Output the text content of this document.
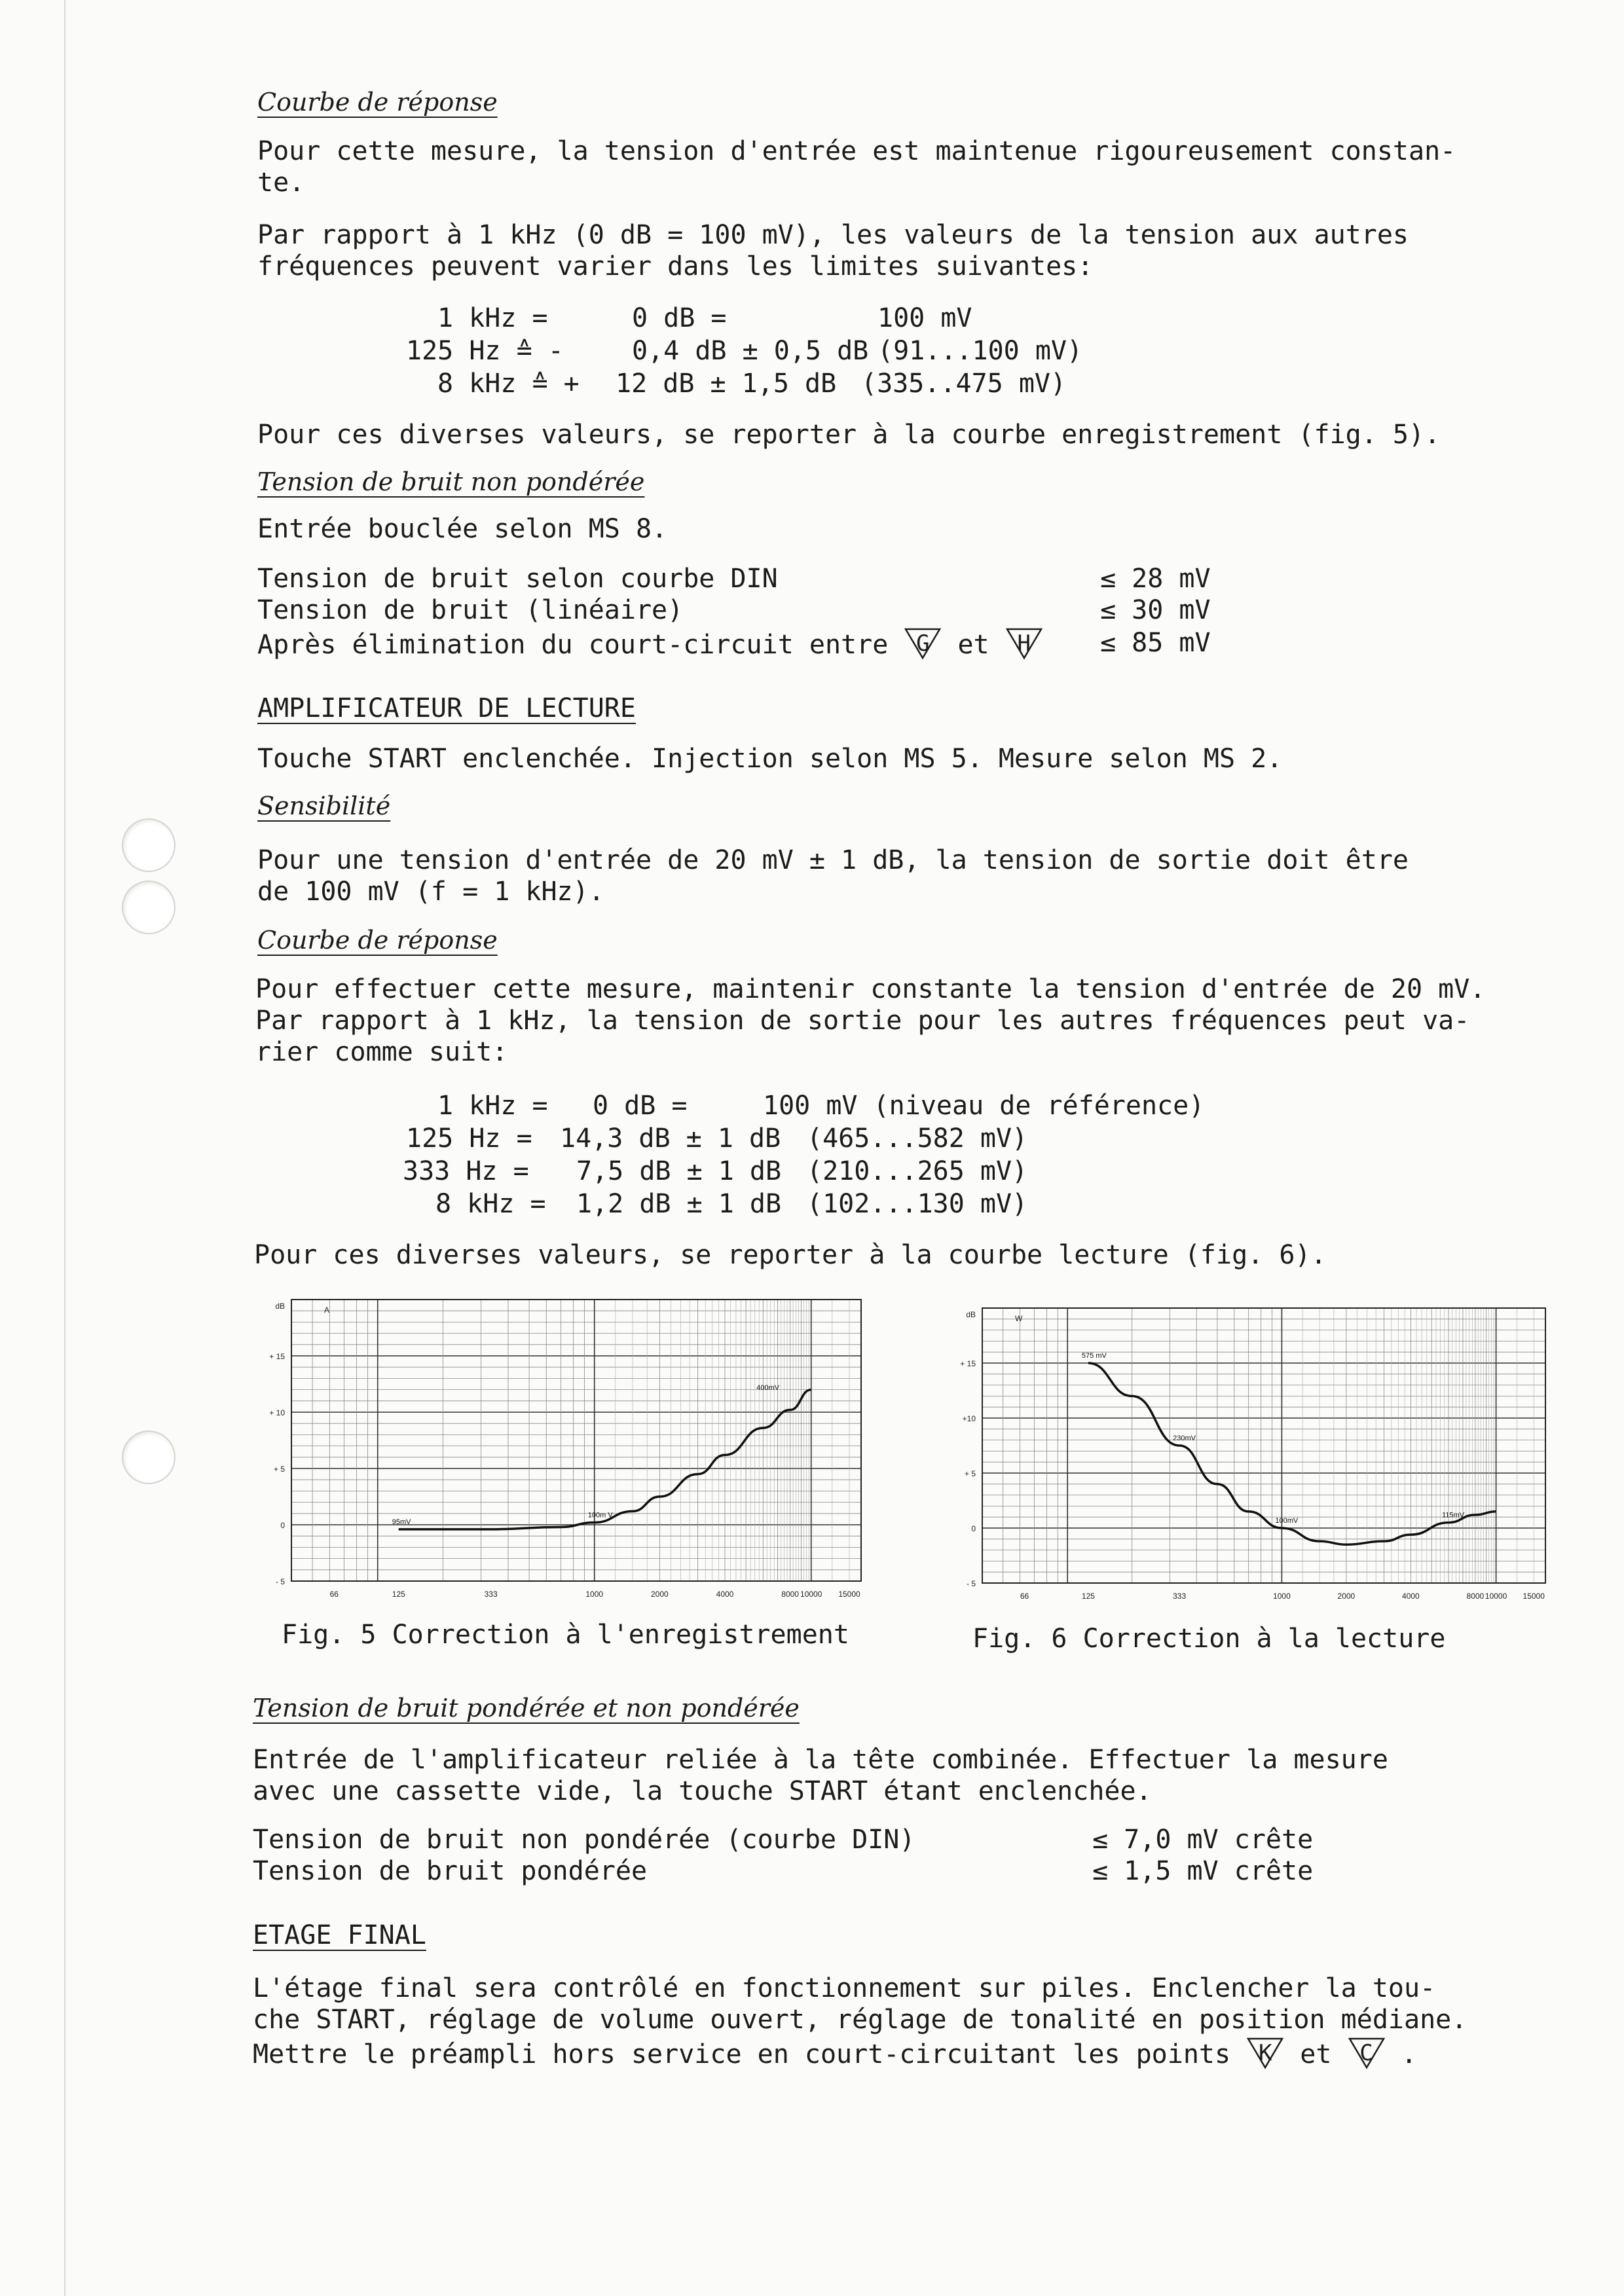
Courbe de réponse
Pour cette mesure, la tension d'entrée est maintenue rigoureusement constan-
te.
Par rapport à 1 kHz (0 dB = 100 mV), les valeurs de la tension aux autres
fréquences peuvent varier dans les limites suivantes:
1 kHz =	0 dB =	100 mV
125 Hz ≙ -	0,4 dB ± 0,5 dB (91...100 mV)
8 kHz ≙ + 12 dB ± 1,5 dB (335..475 mV)
Pour ces diverses valeurs, se reporter à la courbe enregistrement (fig. 5).
Tension de bruit non pondérée
Entrée bouclée selon MS 8.
Tension de bruit selon courbe DIN	≤ 28 mV
Tension de bruit (linéaire)	≤ 30 mV
Après élimination du court-circuit entre	G	et	H	≤ 85 mV
AMPLIFICATEUR DE LECTURE
Touche START enclenchée. Injection selon MS 5. Mesure selon MS 2.
Sensibilité
Pour une tension d'entrée de 20 mV ± 1 dB, la tension de sortie doit être
de 100 mV (f = 1 kHz).
Courbe de réponse
Pour effectuer cette mesure, maintenir constante la tension d'entrée de 20 mV.
Par rapport à 1 kHz, la tension de sortie pour les autres fréquences peut va-
rier comme suit:
1 kHz = 0 dB =	100 mV (niveau de référence)
125 Hz = 14,3 dB ± 1 dB (465...582 mV)
333 Hz = 7,5 dB ± 1 dB (210...265 mV)
8 kHz = 1,2 dB ± 1 dB (102...130 mV)
Pour ces diverses valeurs, se reporter à la courbe lecture (fig. 6).
- 5
0
+ 5
+ 10
+ 15
dB	A
66	125	333	1000	2000	4000	8000 10000 15000
95mV
100m V
400mV
- 5
0
+ 5
+10
+ 15
dB	W
66	125	333	1000	2000	4000	8000 10000 15000
575 mV
230mV
100mV
115mV
Fig. 5 Correction à l'enregistrement	Fig. 6 Correction à la lecture
Tension de bruit pondérée et non pondérée
Entrée de l'amplificateur reliée à la tête combinée. Effectuer la mesure
avec une cassette vide, la touche START étant enclenchée.
Tension de bruit non pondérée (courbe DIN)	≤ 7,0 mV crête
Tension de bruit pondérée	≤ 1,5 mV crête
ETAGE FINAL
L'étage final sera contrôlé en fonctionnement sur piles. Enclencher la tou-
che START, réglage de volume ouvert, réglage de tonalité en position médiane.
Mettre le préampli hors service en court-circuitant les points	K	et	C	.
